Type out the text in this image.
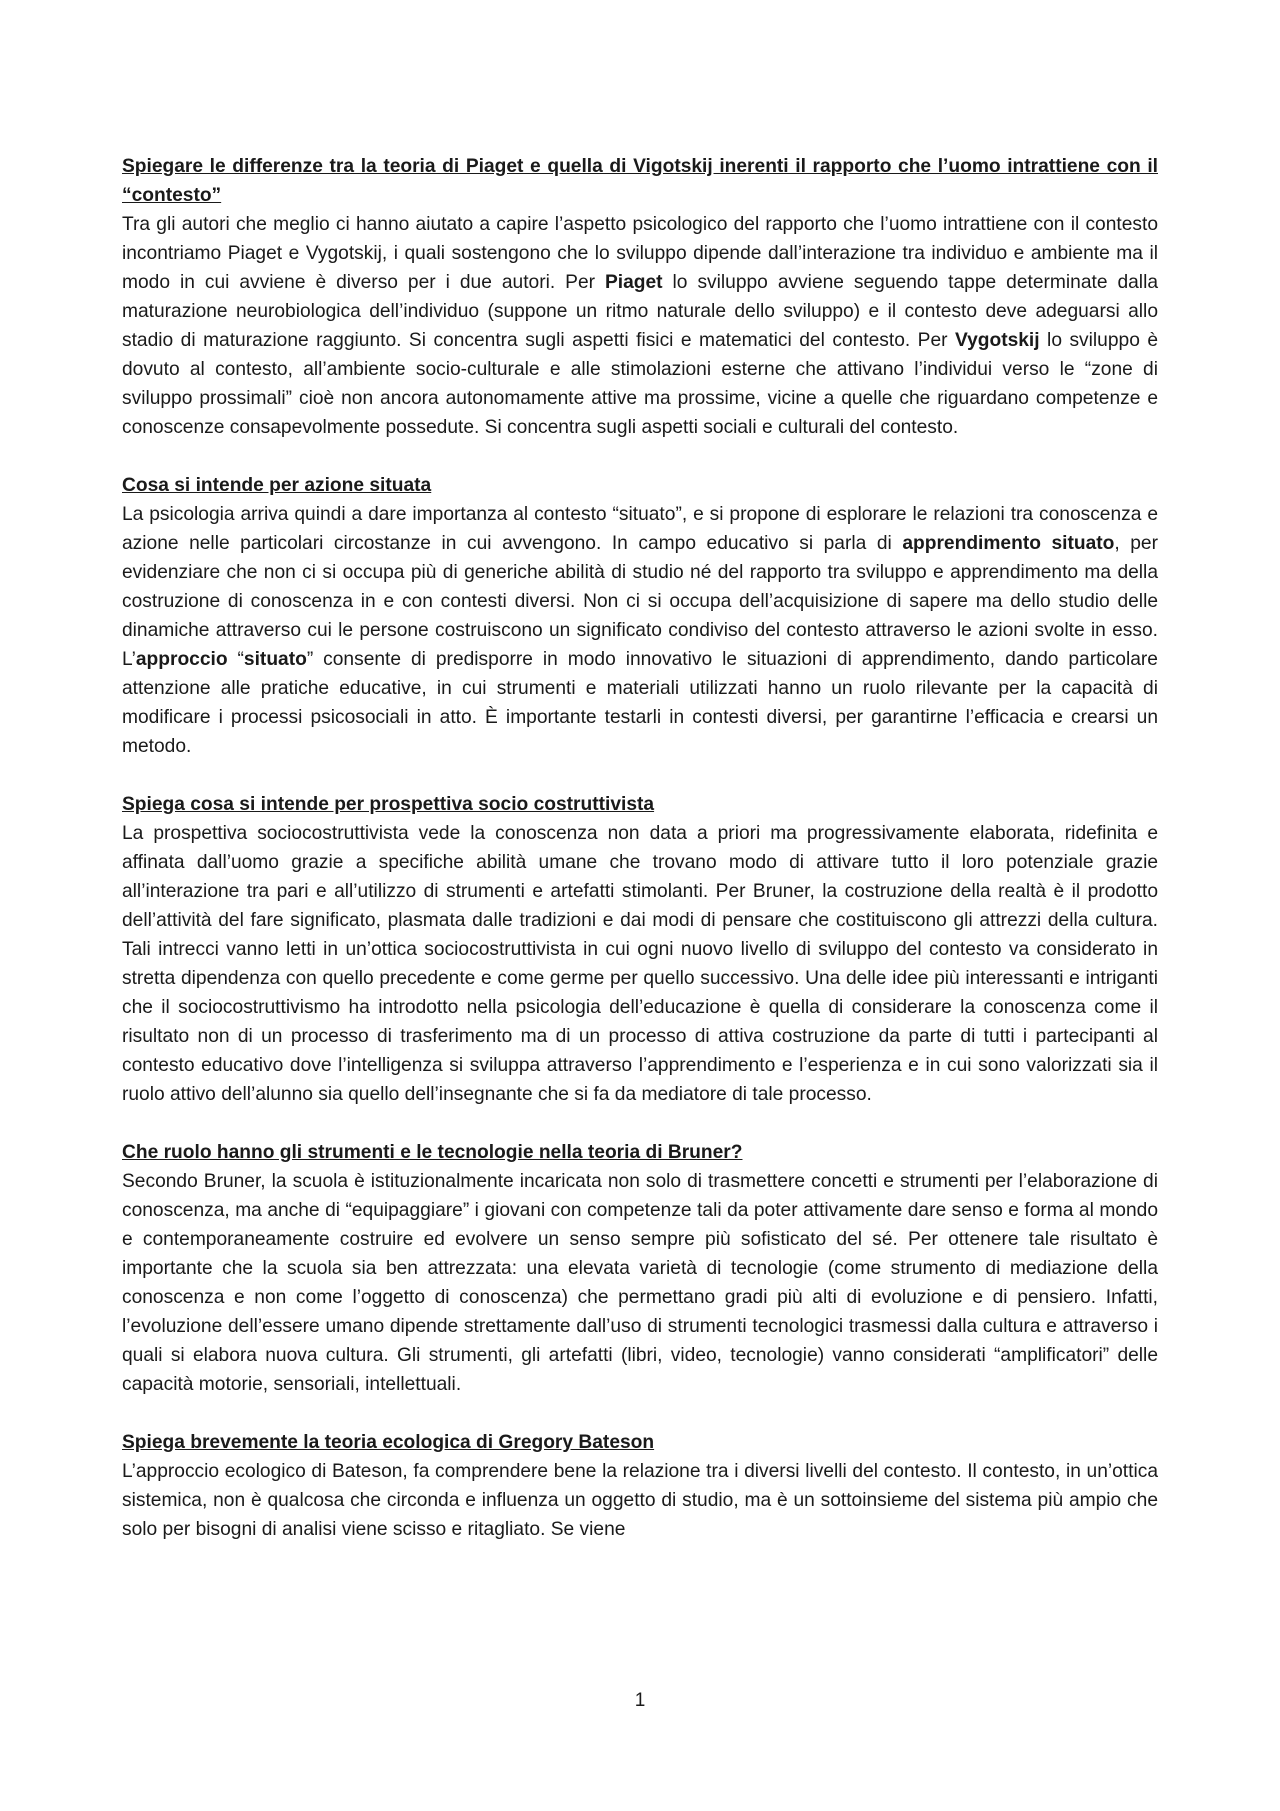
Spiegare le differenze tra la teoria di Piaget e quella di Vigotskij inerenti il rapporto che l’uomo intrattiene con il “contesto”

Tra gli autori che meglio ci hanno aiutato a capire l’aspetto psicologico del rapporto che l’uomo intrattiene con il contesto incontriamo Piaget e Vygotskij, i quali sostengono che lo sviluppo dipende dall’interazione tra individuo e ambiente ma il modo in cui avviene è diverso per i due autori. Per Piaget lo sviluppo avviene seguendo tappe determinate dalla maturazione neurobiologica dell’individuo (suppone un ritmo naturale dello sviluppo) e il contesto deve adeguarsi allo stadio di maturazione raggiunto. Si concentra sugli aspetti fisici e matematici del contesto. Per Vygotskij lo sviluppo è dovuto al contesto, all’ambiente socio-culturale e alle stimolazioni esterne che attivano l’individui verso le “zone di sviluppo prossimali” cioè non ancora autonomamente attive ma prossime, vicine a quelle che riguardano competenze e conoscenze consapevolmente possedute. Si concentra sugli aspetti sociali e culturali del contesto.

Cosa si intende per azione situata

La psicologia arriva quindi a dare importanza al contesto “situato”, e si propone di esplorare le relazioni tra conoscenza e azione nelle particolari circostanze in cui avvengono. In campo educativo si parla di apprendimento situato, per evidenziare che non ci si occupa più di generiche abilità di studio né del rapporto tra sviluppo e apprendimento ma della costruzione di conoscenza in e con contesti diversi. Non ci si occupa dell’acquisizione di sapere ma dello studio delle dinamiche attraverso cui le persone costruiscono un significato condiviso del contesto attraverso le azioni svolte in esso. L’approccio “situato” consente di predisporre in modo innovativo le situazioni di apprendimento, dando particolare attenzione alle pratiche educative, in cui strumenti e materiali utilizzati hanno un ruolo rilevante per la capacità di modificare i processi psicosociali in atto. È importante testarli in contesti diversi, per garantirne l’efficacia e crearsi un metodo.

Spiega cosa si intende per prospettiva socio costruttivista

La prospettiva sociocostruttivista vede la conoscenza non data a priori ma progressivamente elaborata, ridefinita e affinata dall’uomo grazie a specifiche abilità umane che trovano modo di attivare tutto il loro potenziale grazie all’interazione tra pari e all’utilizzo di strumenti e artefatti stimolanti. Per Bruner, la costruzione della realtà è il prodotto dell’attività del fare significato, plasmata dalle tradizioni e dai modi di pensare che costituiscono gli attrezzi della cultura. Tali intrecci vanno letti in un’ottica sociocostruttivista in cui ogni nuovo livello di sviluppo del contesto va considerato in stretta dipendenza con quello precedente e come germe per quello successivo. Una delle idee più interessanti e intriganti che il sociocostruttivismo ha introdotto nella psicologia dell’educazione è quella di considerare la conoscenza come il risultato non di un processo di trasferimento ma di un processo di attiva costruzione da parte di tutti i partecipanti al contesto educativo dove l’intelligenza si sviluppa attraverso l’apprendimento e l’esperienza e in cui sono valorizzati sia il ruolo attivo dell’alunno sia quello dell’insegnante che si fa da mediatore di tale processo.

Che ruolo hanno gli strumenti e le tecnologie nella teoria di Bruner?

Secondo Bruner, la scuola è istituzionalmente incaricata non solo di trasmettere concetti e strumenti per l’elaborazione di conoscenza, ma anche di “equipaggiare” i giovani con competenze tali da poter attivamente dare senso e forma al mondo e contemporaneamente costruire ed evolvere un senso sempre più sofisticato del sé. Per ottenere tale risultato è importante che la scuola sia ben attrezzata: una elevata varietà di tecnologie (come strumento di mediazione della conoscenza e non come l’oggetto di conoscenza) che permettano gradi più alti di evoluzione e di pensiero. Infatti, l’evoluzione dell’essere umano dipende strettamente dall’uso di strumenti tecnologici trasmessi dalla cultura e attraverso i quali si elabora nuova cultura. Gli strumenti, gli artefatti (libri, video, tecnologie) vanno considerati “amplificatori” delle capacità motorie, sensoriali, intellettuali.

Spiega brevemente la teoria ecologica di Gregory Bateson

L’approccio ecologico di Bateson, fa comprendere bene la relazione tra i diversi livelli del contesto. Il contesto, in un’ottica sistemica, non è qualcosa che circonda e influenza un oggetto di studio, ma è un sottoinsieme del sistema più ampio che solo per bisogni di analisi viene scisso e ritagliato. Se viene

1
